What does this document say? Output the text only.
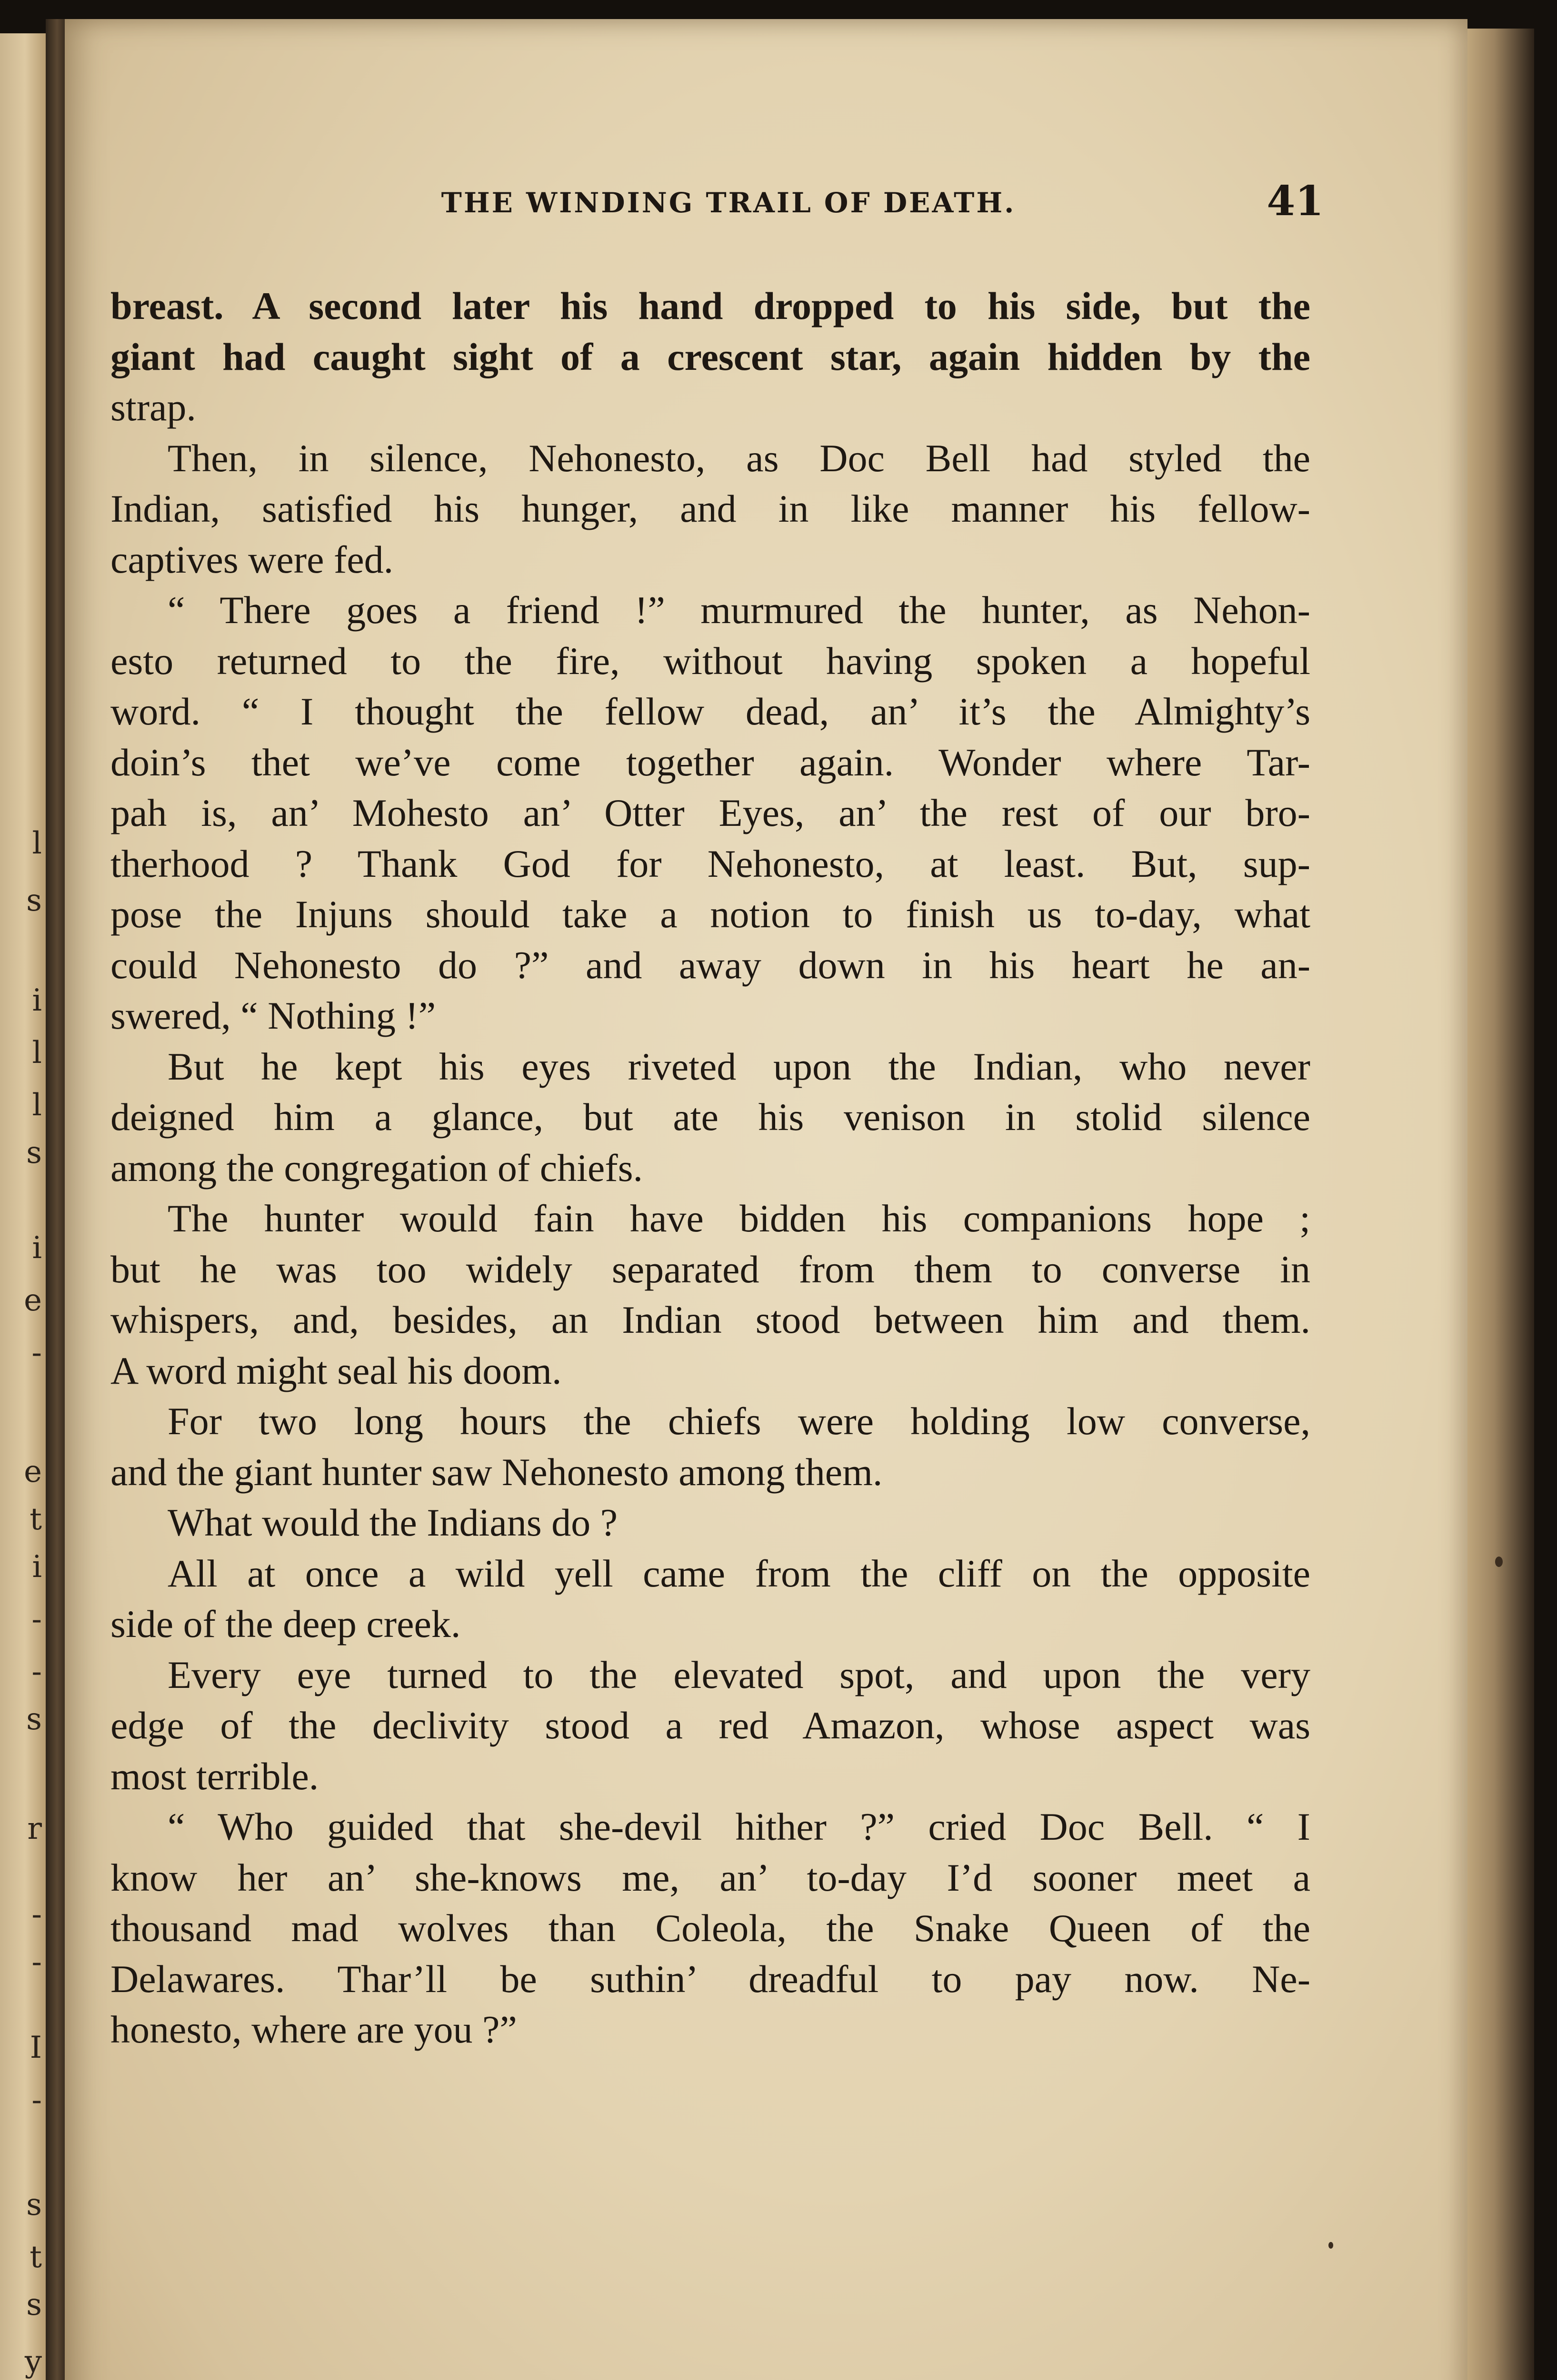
l
s
i
l
l
s
i
e
-
e
t
i
-
-
s
r
-
-
I
-
s
t
s
y
THE WINDING TRAIL OF DEATH.	41
breast. A second later his hand dropped to his side, but the
giant had caught sight of a crescent star, again hidden by the
strap.
Then, in silence, Nehonesto, as Doc Bell had styled the
Indian, satisfied his hunger, and in like manner his fellow-
captives were fed.
“ There goes a friend !” murmured the hunter, as Nehon-
esto returned to the fire, without having spoken a hopeful
word. “ I thought the fellow dead, an’ it’s the Almighty’s
doin’s thet we’ve come together again. Wonder where Tar-
pah is, an’ Mohesto an’ Otter Eyes, an’ the rest of our bro-
therhood ? Thank God for Nehonesto, at least. But, sup-
pose the Injuns should take a notion to finish us to-day, what
could Nehonesto do ?” and away down in his heart he an-
swered, “ Nothing !”
But he kept his eyes riveted upon the Indian, who never
deigned him a glance, but ate his venison in stolid silence
among the congregation of chiefs.
The hunter would fain have bidden his companions hope ;
but he was too widely separated from them to converse in
whispers, and, besides, an Indian stood between him and them.
A word might seal his doom.
For two long hours the chiefs were holding low converse,
and the giant hunter saw Nehonesto among them.
What would the Indians do ?
All at once a wild yell came from the cliff on the opposite
side of the deep creek.
Every eye turned to the elevated spot, and upon the very
edge of the declivity stood a red Amazon, whose aspect was
most terrible.
“ Who guided that she-devil hither ?” cried Doc Bell. “ I
know her an’ she-knows me, an’ to-day I’d sooner meet a
thousand mad wolves than Coleola, the Snake Queen of the
Delawares. Thar’ll be suthin’ dreadful to pay now. Ne-
honesto, where are you ?”
